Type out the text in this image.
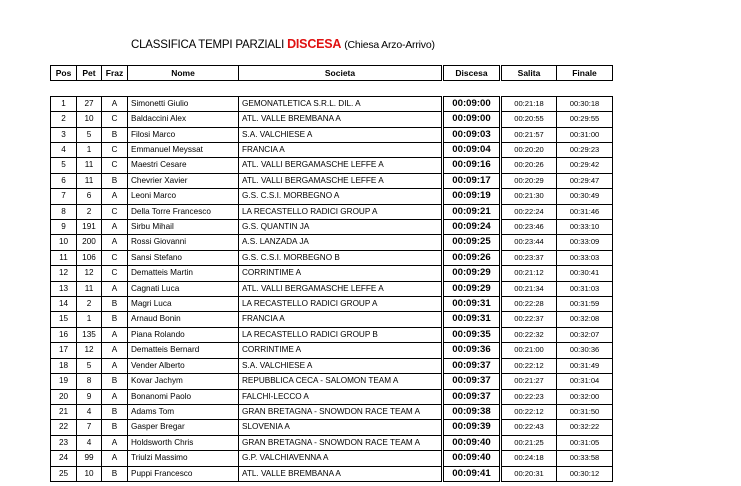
CLASSIFICA TEMPI PARZIALI DISCESA (Chiesa Arzo-Arrivo)
Pos	Pet	Fraz	Nome	Societa	Discesa	Salita	Finale

1	27	A	Simonetti Giulio	GEMONATLETICA S.R.L. DIL. A	00:09:00	00:21:18	00:30:18
2	10	C	Baldaccini Alex	ATL. VALLE BREMBANA A	00:09:00	00:20:55	00:29:55
3	5	B	Filosi Marco	S.A. VALCHIESE A	00:09:03	00:21:57	00:31:00
4	1	C	Emmanuel Meyssat	FRANCIA A	00:09:04	00:20:20	00:29:23
5	11	C	Maestri Cesare	ATL. VALLI BERGAMASCHE LEFFE A	00:09:16	00:20:26	00:29:42
6	11	B	Chevrier Xavier	ATL. VALLI BERGAMASCHE LEFFE A	00:09:17	00:20:29	00:29:47
7	6	A	Leoni Marco	G.S. C.S.I. MORBEGNO A	00:09:19	00:21:30	00:30:49
8	2	C	Della Torre Francesco	LA RECASTELLO RADICI GROUP A	00:09:21	00:22:24	00:31:46
9	191	A	Sirbu Mihail	G.S. QUANTIN JA	00:09:24	00:23:46	00:33:10
10	200	A	Rossi Giovanni	A.S. LANZADA JA	00:09:25	00:23:44	00:33:09
11	106	C	Sansi Stefano	G.S. C.S.I. MORBEGNO B	00:09:26	00:23:37	00:33:03
12	12	C	Dematteis Martin	CORRINTIME A	00:09:29	00:21:12	00:30:41
13	11	A	Cagnati Luca	ATL. VALLI BERGAMASCHE LEFFE A	00:09:29	00:21:34	00:31:03
14	2	B	Magri Luca	LA RECASTELLO RADICI GROUP A	00:09:31	00:22:28	00:31:59
15	1	B	Arnaud Bonin	FRANCIA A	00:09:31	00:22:37	00:32:08
16	135	A	Piana Rolando	LA RECASTELLO RADICI GROUP B	00:09:35	00:22:32	00:32:07
17	12	A	Dematteis Bernard	CORRINTIME A	00:09:36	00:21:00	00:30:36
18	5	A	Vender Alberto	S.A. VALCHIESE A	00:09:37	00:22:12	00:31:49
19	8	B	Kovar Jachym	REPUBBLICA CECA - SALOMON TEAM A	00:09:37	00:21:27	00:31:04
20	9	A	Bonanomi Paolo	FALCHI-LECCO A	00:09:37	00:22:23	00:32:00
21	4	B	Adams Tom	GRAN BRETAGNA - SNOWDON RACE TEAM A	00:09:38	00:22:12	00:31:50
22	7	B	Gasper Bregar	SLOVENIA A	00:09:39	00:22:43	00:32:22
23	4	A	Holdsworth Chris	GRAN BRETAGNA - SNOWDON RACE TEAM A	00:09:40	00:21:25	00:31:05
24	99	A	Triulzi Massimo	G.P. VALCHIAVENNA A	00:09:40	00:24:18	00:33:58
25	10	B	Puppi Francesco	ATL. VALLE BREMBANA A	00:09:41	00:20:31	00:30:12
